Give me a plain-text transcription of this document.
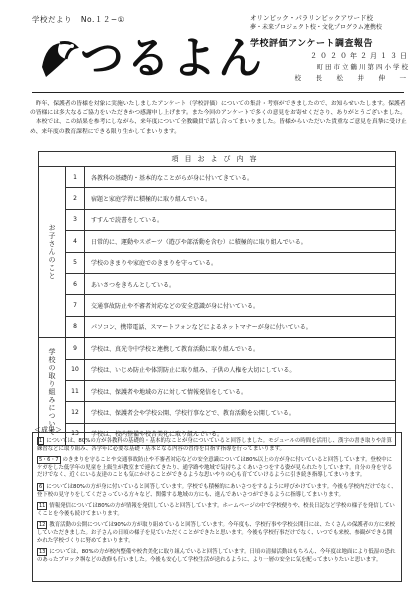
学校だより No.１２−①
つるよん
オリンピック・パラリンピックアワード校
夢・未来プロジェクト校・文化プログラム連携校
学校評価アンケート調査報告
２０２０年２月１３日
町田市立鶴川第四小学校
校　長　松　井　伸　一

昨年、保護者の皆様を対象に実施いたしましたアンケート（学校評価）についての集計・考察ができましたので、お知らせいたします。保護者の皆様には多大なるご協力をいただきかつ感謝申し上げます。また今回のアンケートで多くの意見をお寄せくださり、ありがとうございました。

本校では、この結果を参考にしながら、来年度について全教職員で話し合ってまいりました。皆様からいただいた貴重なご意見を真摯に受け止め、来年度の教育課程にできる限り生かしてまいります。

項目および内容
お子さんのこと
学校の取り組みについて
1	各教科の基礎的・基本的なことがらが身に付いてきている。
2	宿題と家庭学習に積極的に取り組んでいる。
3	すすんで読書をしている。
4	日常的に、運動やスポーツ（遊びや部活動を含む）に積極的に取り組んでいる。
5	学校のきまりや家庭でのきまりを守っている。
6	あいさつをきちんとしている。
7	交通事故防止や不審者対応などの安全意識が身に付いている。
8	パソコン、携帯電話、スマートフォンなどによるネットマナーが身に付いている。
9	学校は、真光寺中学校と連携して教育活動に取り組んでいる。
10	学校は、いじめ防止や体罰防止に取り組み、子供の人権を大切にしている。
11	学校は、保護者や地域の方に対して情報発信をしている。
12	学校は、保護者会や学校公開、学校行事などで、教育活動を公開している。
13	学校は、校内整備や校舎美化に取り組んでいる。
＜成果＞

1 については、80%の方が各教科の基礎的・基本的なことが身についていると回答しました。モジュールの時間を活用し、漢字の書き取りや計算練習などに取り組み、各学年に必要な基礎・基本となる内容の習得を目指す指導を行ってまいります。

5・6・7 のきまりを守ることや交通事故防止や不審者対応などの安全意識については80%以上の方が身に付いていると回答しています。登校中にケガをした低学年の児童を上級生が教室まで連れてきたり、通学路や地域で気持ちよくあいさつをする姿が見られたりしています。自分の身を守るだけでなく、近くにいる友達のことも気にかけることができるような思いやりの心も育てていけるように引き続き指導してまいります。

6 については80%の方が身に付いていると回答しています。学校でも積極的にあいさつをするように呼びかけています。今後も学校内だけでなく、登下校の見守りをしてくださっている方々など、関係する地域の方にも、進んであいさつができるように指導してまいります。

11 情報発信については80%の方が情報を発信していると回答しています。ホームページの中で学校便りや、校長日記など学校の様子を発信していくことを今後も続けてまいります。

12 教育活動の公開については90%の方が取り組めていると回答しています。今年度も、学校行事や学校公開日には、たくさんの保護者の方に来校していただきました。お子さんの日頃の様子を見ていただくことができたと思います。今後も学校行事だけでなく、いつでも来校、参観ができる開かれた学校づくりに努めてまいります。

13 については、80%の方が校内整備や校舎美化に取り組んでいると回答しています。日頃の清掃活動はもちろん、今年度は地面により低湿の恐れのあったブロック塀などの改修も行いました。今後も安心して学校生活が送れるように、より一層の安全に気を配ってまいりたいと思います。
